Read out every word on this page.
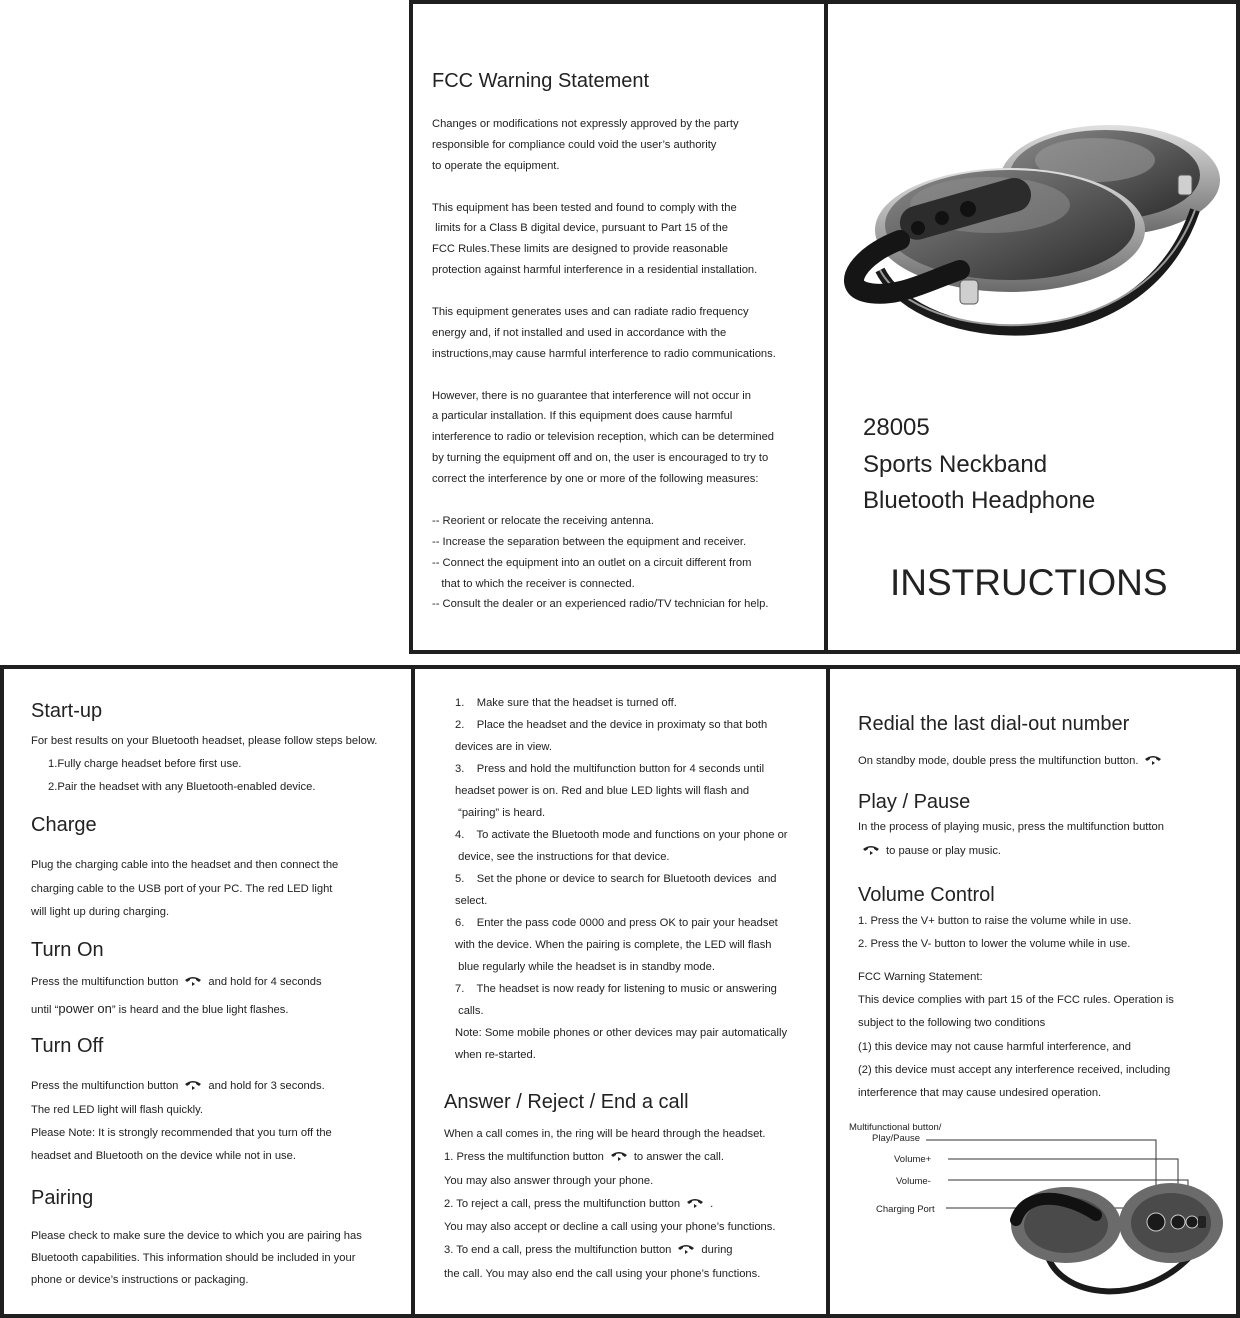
FCC Warning Statement
Changes or modifications not expressly approved by the party
responsible for compliance could void the user’s authority
to operate the equipment.
This equipment has been tested and found to comply with the
limits for a Class B digital device, pursuant to Part 15 of the
FCC Rules.These limits are designed to provide reasonable
protection against harmful interference in a residential installation.
This equipment generates uses and can radiate radio frequency
energy and, if not installed and used in accordance with the
instructions,may cause harmful interference to radio communications.
However, there is no guarantee that interference will not occur in
a particular installation. If this equipment does cause harmful
interference to radio or television reception, which can be determined
by turning the equipment off and on, the user is encouraged to try to
correct the interference by one or more of the following measures:
-- Reorient or relocate the receiving antenna.
-- Increase the separation between the equipment and receiver.
-- Connect the equipment into an outlet on a circuit different from
that to which the receiver is connected.
-- Consult the dealer or an experienced radio/TV technician for help.
28005
Sports Neckband
Bluetooth Headphone
INSTRUCTIONS
Start-up

For best results on your Bluetooth headset, please follow steps below.

1.Fully charge headset before first use.

2.Pair the headset with any Bluetooth-enabled device.

Charge

Plug the charging cable into the headset and then connect the

charging cable to the USB port of your PC. The red LED light

will light up during charging.

Turn On

Press the multifunction button	and hold for 4 seconds

until “power on” is heard and the blue light flashes.

Turn Off

Press the multifunction button	and hold for 3 seconds.

The red LED light will flash quickly.

Please Note: It is strongly recommended that you turn off the

headset and Bluetooth on the device while not in use.

Pairing

Please check to make sure the device to which you are pairing has

Bluetooth capabilities. This information should be included in your

phone or device’s instructions or packaging.

1.    Make sure that the headset is turned off.
2.    Place the headset and the device in proximaty so that both
devices are in view.
3.    Press and hold the multifunction button for 4 seconds until
headset power is on. Red and blue LED lights will flash and
“pairing” is heard.
4.    To activate the Bluetooth mode and functions on your phone or
device, see the instructions for that device.
5.    Set the phone or device to search for Bluetooth devices  and
select.
6.    Enter the pass code 0000 and press OK to pair your headset
with the device. When the pairing is complete, the LED will flash
blue regularly while the headset is in standby mode.
7.    The headset is now ready for listening to music or answering
calls.
Note: Some mobile phones or other devices may pair automatically
when re-started.
Answer / Reject / End a call

When a call comes in, the ring will be heard through the headset.

1. Press the multifunction button	to answer the call.

You may also answer through your phone.

2. To reject a call, press the multifunction button	.

You may also accept or decline a call using your phone’s functions.

3. To end a call, press the multifunction button	during

the call. You may also end the call using your phone’s functions.

Redial the last dial-out number

On standby mode, double press the multifunction button.

Play / Pause

In the process of playing music, press the multifunction button

to pause or play music.

Volume Control

1. Press the V+ button to raise the volume while in use.

2. Press the V- button to lower the volume while in use.

FCC Warning Statement:

This device complies with part 15 of the FCC rules. Operation is

subject to the following two conditions

(1) this device may not cause harmful interference, and

(2) this device must accept any interference received, including

interference that may cause undesired operation.

Multifunctional button/
Play/Pause
Volume+
Volume-
Charging Port
